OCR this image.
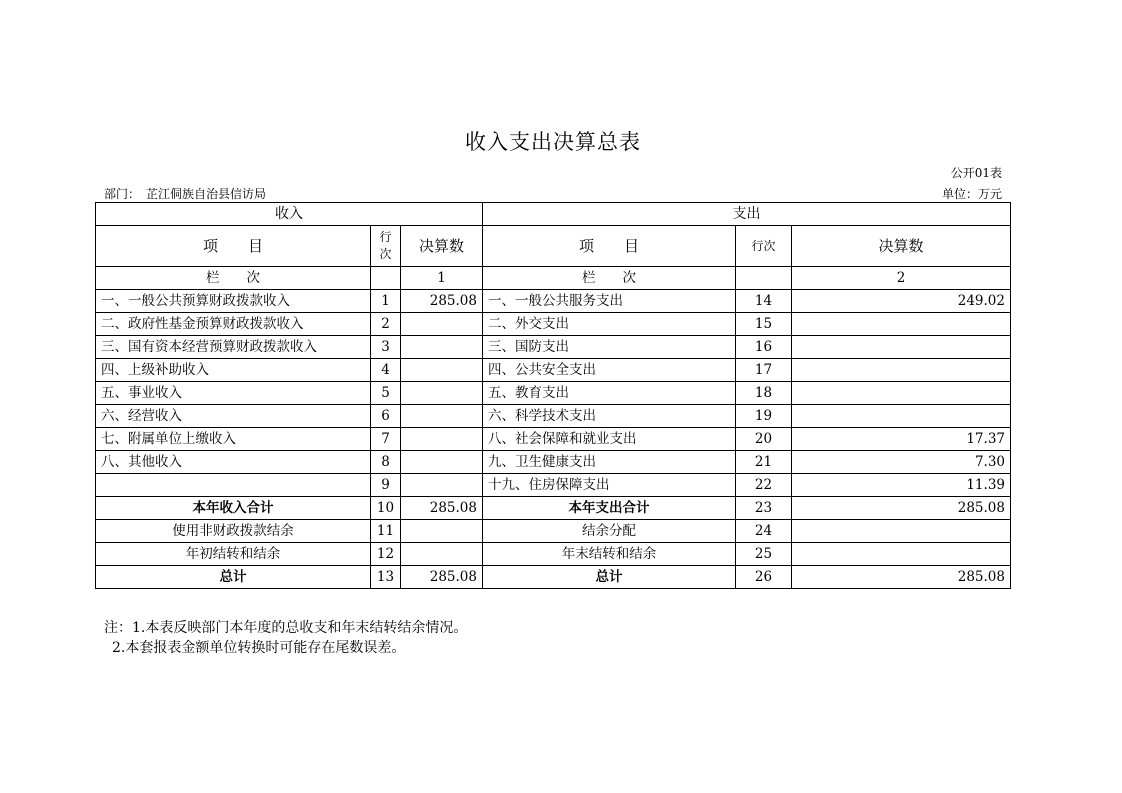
收入支出决算总表
公开01表
部门：　芷江侗族自治县信访局	单位：万元
收入			支出		
项　　目	行次	决算数	项　　目	行次	决算数
栏　　次		1	栏　　次		2
一、一般公共预算财政拨款收入	1	285.08	一、一般公共服务支出	14	249.02
二、政府性基金预算财政拨款收入	2		二、外交支出	15	
三、国有资本经营预算财政拨款收入	3		三、国防支出	16	
四、上级补助收入	4		四、公共安全支出	17	
五、事业收入	5		五、教育支出	18	
六、经营收入	6		六、科学技术支出	19	
七、附属单位上缴收入	7		八、社会保障和就业支出	20	17.37
八、其他收入	8		九、卫生健康支出	21	7.30
	9		十九、住房保障支出	22	11.39
本年收入合计	10	285.08	本年支出合计	23	285.08
使用非财政拨款结余	11		结余分配	24	
年初结转和结余	12		年末结转和结余	25	
总计	13	285.08	总计	26	285.08
注：1.本表反映部门本年度的总收支和年末结转结余情况。
2.本套报表金额单位转换时可能存在尾数误差。
